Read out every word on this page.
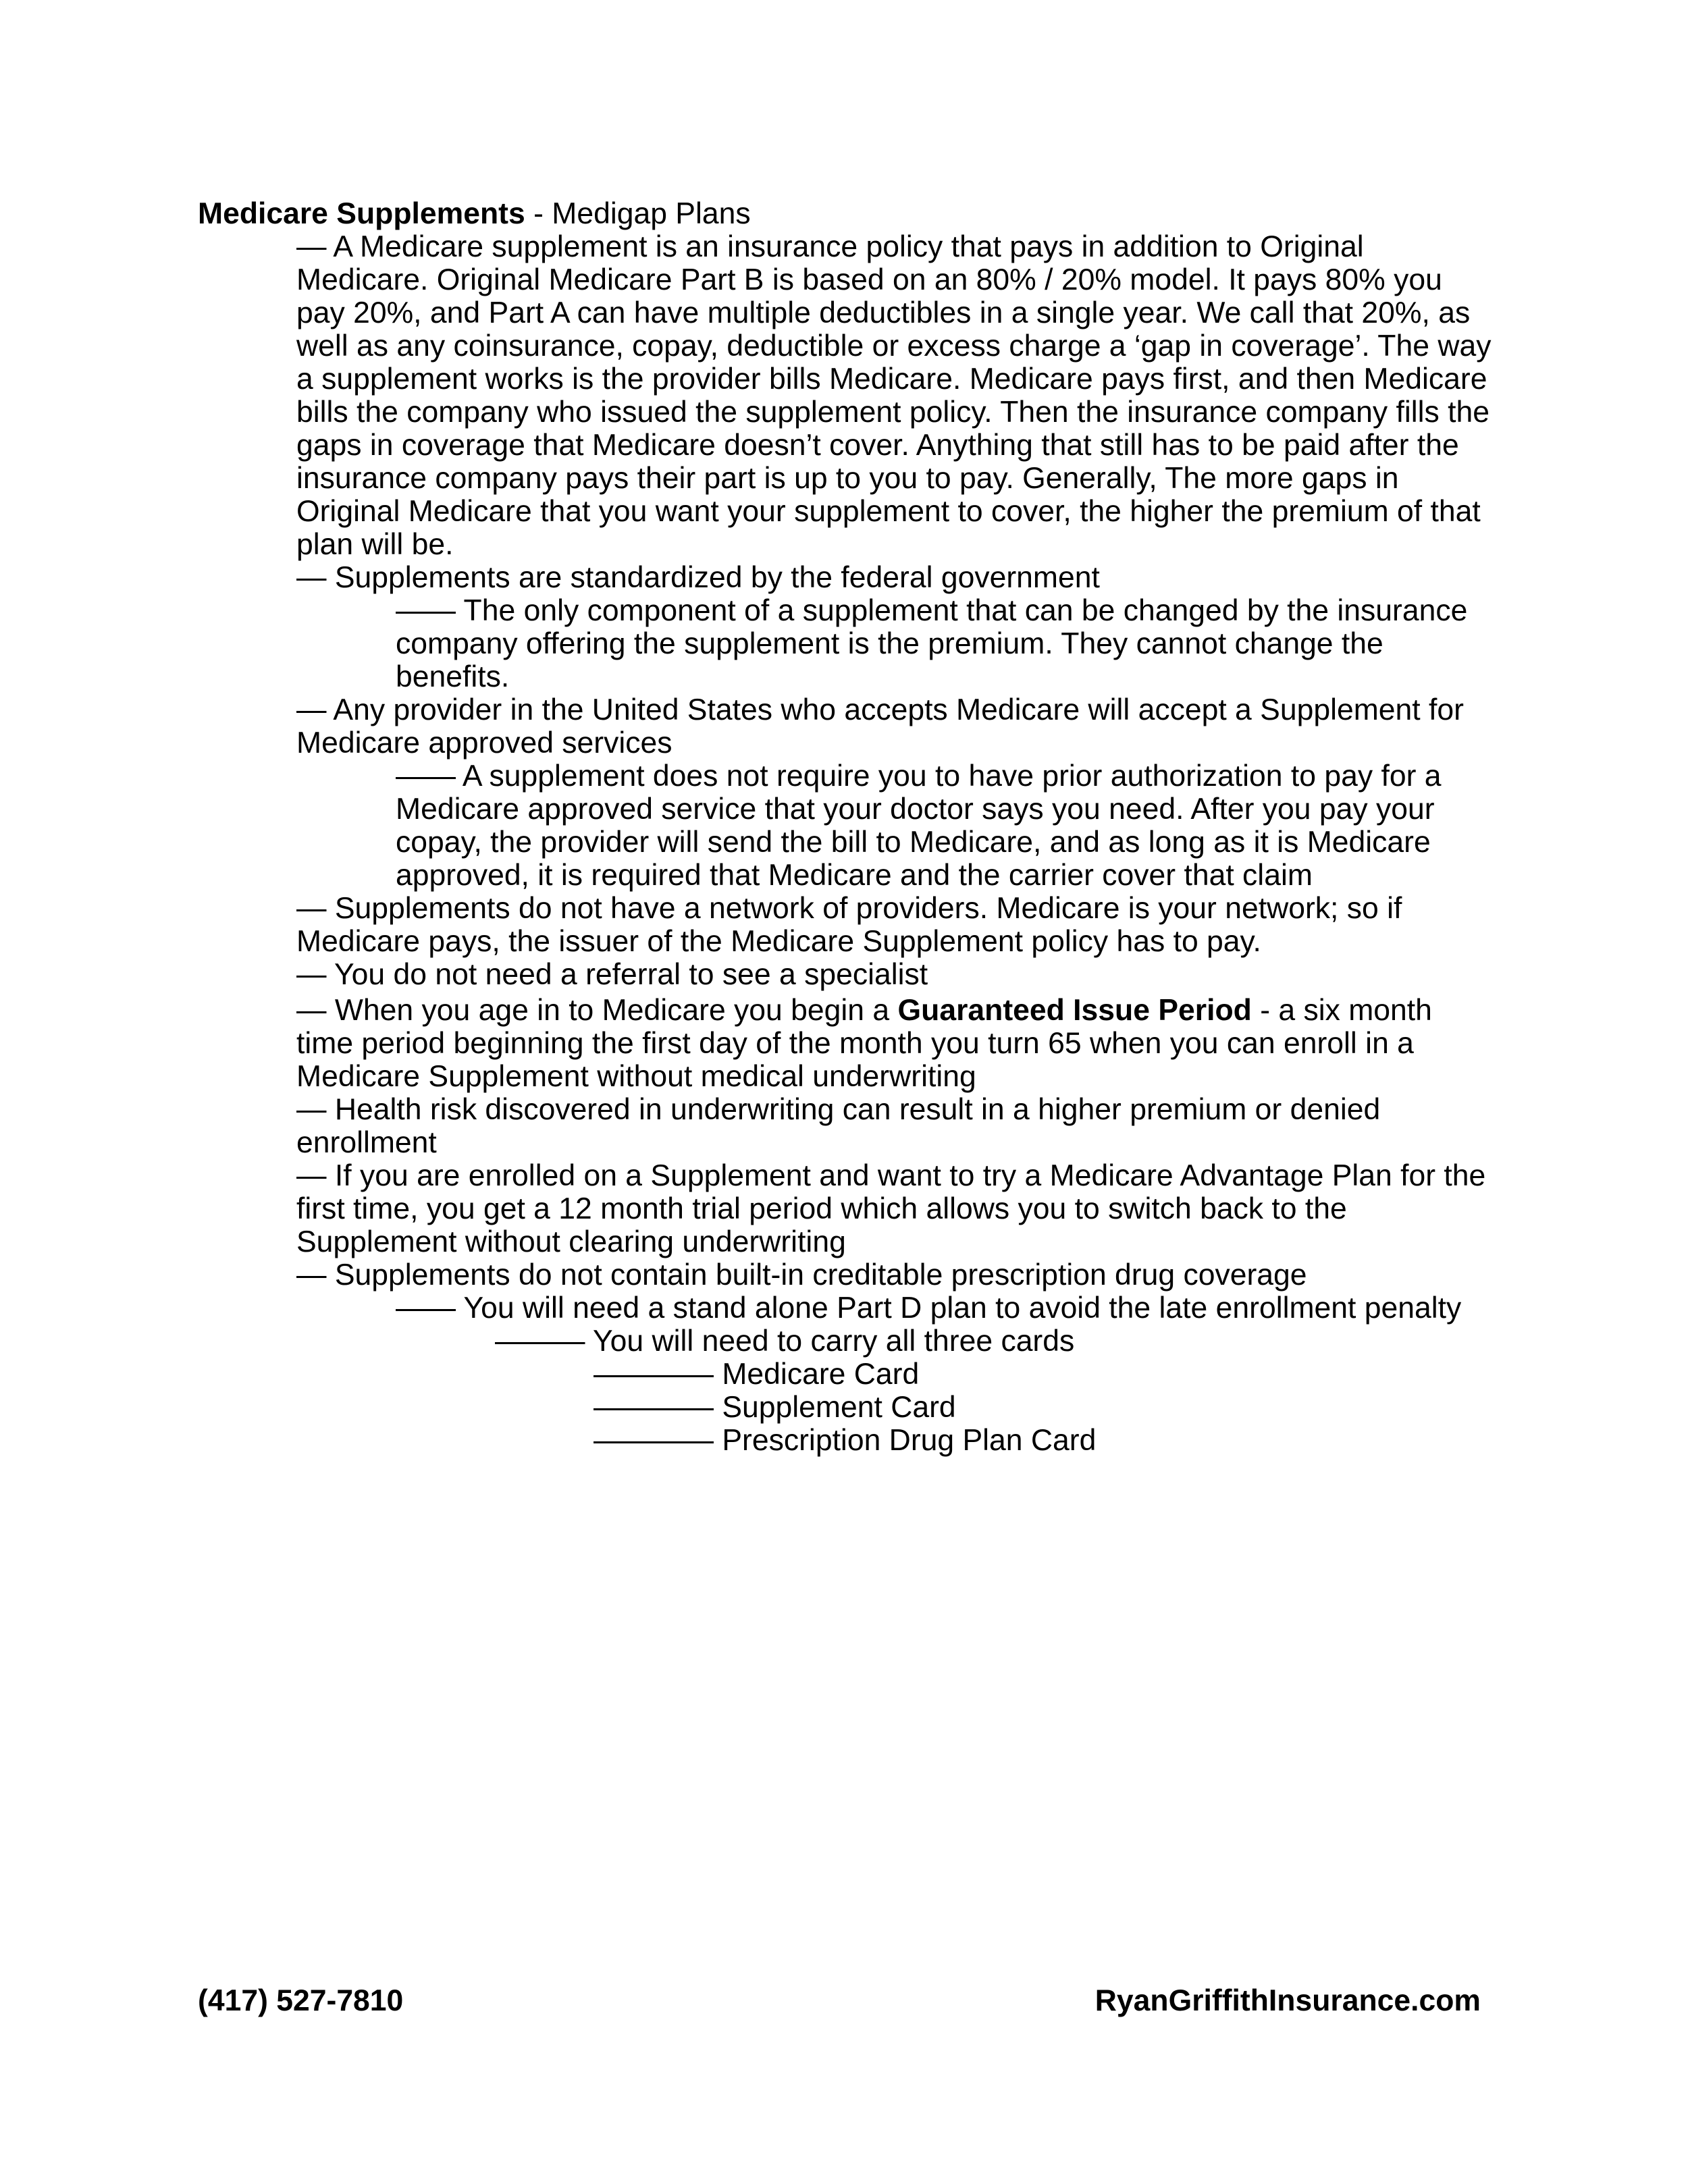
Medicare Supplements - Medigap Plans

— A Medicare supplement is an insurance policy that pays in addition to Original Medicare. Original Medicare Part B is based on an 80% / 20% model. It pays 80% you pay 20%, and Part A can have multiple deductibles in a single year. We call that 20%, as well as any coinsurance, copay, deductible or excess charge a ‘gap in coverage’. The way a supplement works is the provider bills Medicare. Medicare pays first, and then Medicare bills the company who issued the supplement policy. Then the insurance company fills the gaps in coverage that Medicare doesn’t cover. Anything that still has to be paid after the insurance company pays their part is up to you to pay. Generally, The more gaps in Original Medicare that you want your supplement to cover, the higher the premium of that plan will be.

— Supplements are standardized by the federal government

—— The only component of a supplement that can be changed by the insurance company offering the supplement is the premium. They cannot change the benefits.

— Any provider in the United States who accepts Medicare will accept a Supplement for Medicare approved services

—— A supplement does not require you to have prior authorization to pay for a Medicare approved service that your doctor says you need. After you pay your copay, the provider will send the bill to Medicare, and as long as it is Medicare approved, it is required that Medicare and the carrier cover that claim

— Supplements do not have a network of providers. Medicare is your network; so if Medicare pays, the issuer of the Medicare Supplement policy has to pay.

— You do not need a referral to see a specialist

— When you age in to Medicare you begin a Guaranteed Issue Period - a six month time period beginning the first day of the month you turn 65 when you can enroll in a Medicare Supplement without medical underwriting

— Health risk discovered in underwriting can result in a higher premium or denied enrollment

— If you are enrolled on a Supplement and want to try a Medicare Advantage Plan for the first time, you get a 12 month trial period which allows you to switch back to the Supplement without clearing underwriting

— Supplements do not contain built-in creditable prescription drug coverage

—— You will need a stand alone Part D plan to avoid the late enrollment penalty

——— You will need to carry all three cards

———— Medicare Card

———— Supplement Card

———— Prescription Drug Plan Card

(417) 527-7810	RyanGriffithInsurance.com
